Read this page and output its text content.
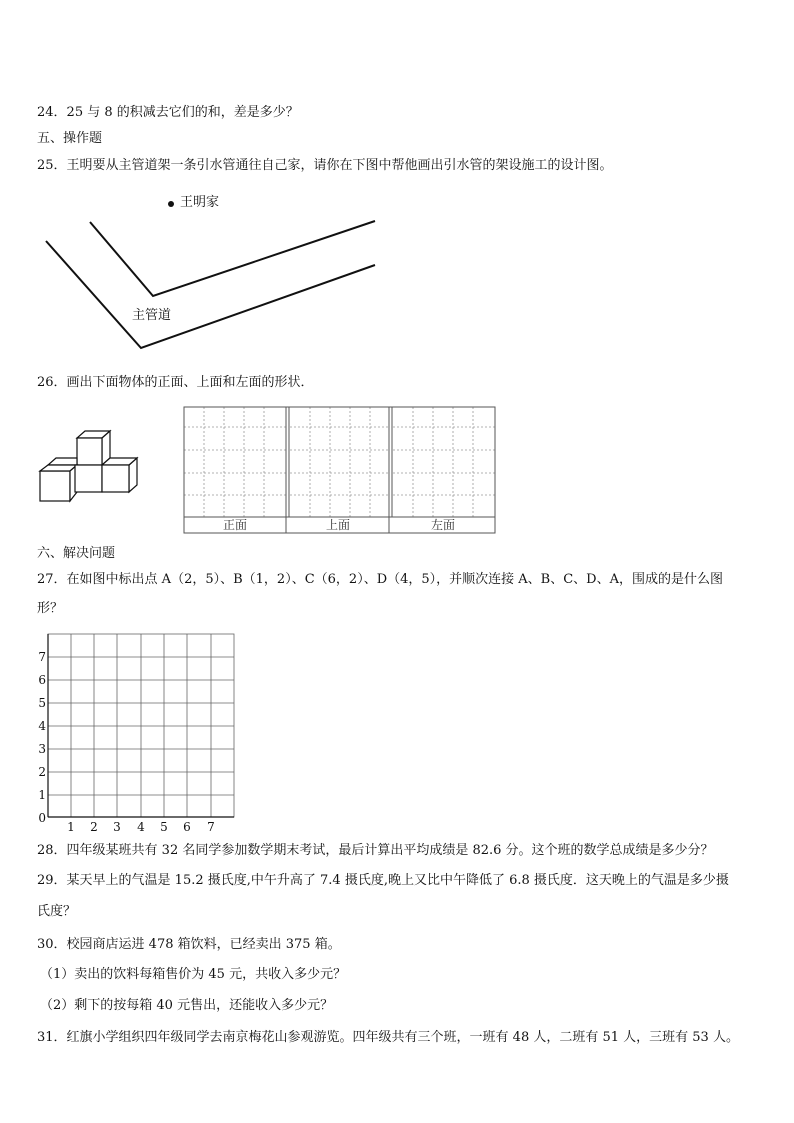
24．25 与 8 的积减去它们的和，差是多少？
五、操作题
25．王明要从主管道架一条引水管通往自己家，请你在下图中帮他画出引水管的架设施工的设计图。
王明家
主管道
26．画出下面物体的正面、上面和左面的形状．
正面	上面	左面
六、解决问题
27．在如图中标出点 A（2，5）、B（1，2）、C（6，2）、D（4，5），并顺次连接 A、B、C、D、A，围成的是什么图
形？
7
6
5
4
3
2
1
0
1 2 3 4 5 6 7
28．四年级某班共有 32 名同学参加数学期末考试，最后计算出平均成绩是 82.6 分。这个班的数学总成绩是多少分？
29．某天早上的气温是 15.2 摄氏度,中午升高了 7.4 摄氏度,晚上又比中午降低了 6.8 摄氏度．这天晚上的气温是多少摄
氏度？
30．校园商店运进 478 箱饮料，已经卖出 375 箱。
（1）卖出的饮料每箱售价为 45 元，共收入多少元？
（2）剩下的按每箱 40 元售出，还能收入多少元？
31．红旗小学组织四年级同学去南京梅花山参观游览。四年级共有三个班，一班有 48 人，二班有 51 人，三班有 53 人。
